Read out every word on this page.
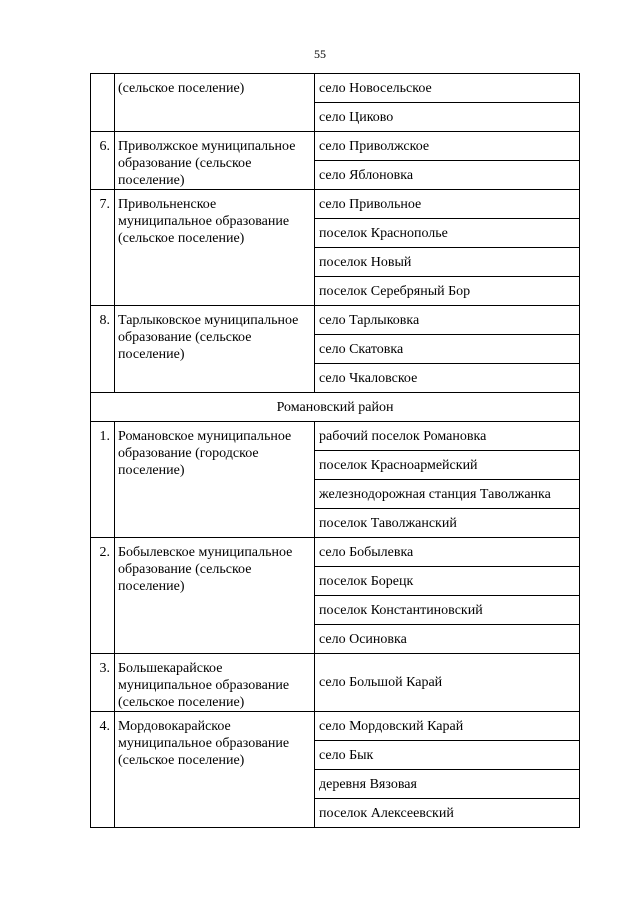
55
	(сельское поселение)	село Новосельское
		село Циково
6.	Приволжское муниципальное образование (сельское поселение)	село Приволжское
		село Яблоновка
7.	Привольненское муниципальное образование (сельское поселение)	село Привольное
		поселок Краснополье
		поселок Новый
		поселок Серебряный Бор
8.	Тарлыковское муниципальное образование (сельское поселение)	село Тарлыковка
		село Скатовка
		село Чкаловское
Романовский район		
1.	Романовское муниципальное образование (городское поселение)	рабочий поселок Романовка
		поселок Красноармейский
		железнодорожная станция Таволжанка
		поселок Таволжанский
2.	Бобылевское муниципальное образование (сельское поселение)	село Бобылевка
		поселок Борецк
		поселок Константиновский
		село Осиновка
3.	Большекарайское муниципальное образование (сельское поселение)	село Большой Карай
4.	Мордовокарайское муниципальное образование (сельское поселение)	село Мордовский Карай
		село Бык
		деревня Вязовая
		поселок Алексеевский
